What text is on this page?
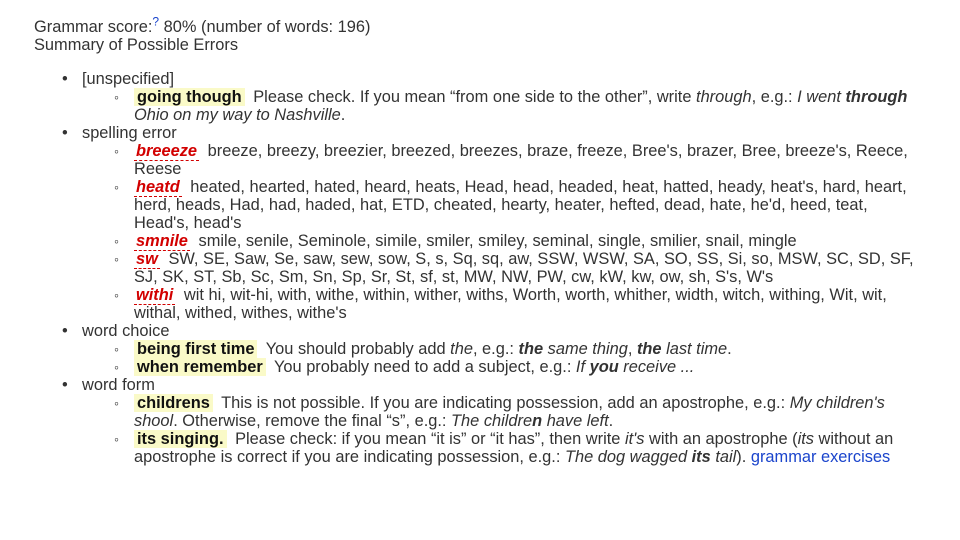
Grammar score:? 80% (number of words: 196)
Summary of Possible Errors
• [unspecified]
◦ going though Please check. If you mean “from one side to the other”, write through, e.g.: I went through Ohio on my way to Nashville.
• spelling error
◦ breeeze breeze, breezy, breezier, breezed, breezes, braze, freeze, Bree's, brazer, Bree, breeze's, Reece, Reese
◦ heatd heated, hearted, hated, heard, heats, Head, head, headed, heat, hatted, heady, heat's, hard, heart, herd, heads, Had, had, haded, hat, ETD, cheated, hearty, heater, hefted, dead, hate, he'd, heed, teat, Head's, head's
◦ smnile smile, senile, Seminole, simile, smiler, smiley, seminal, single, smilier, snail, mingle
◦ sw SW, SE, Saw, Se, saw, sew, sow, S, s, Sq, sq, aw, SSW, WSW, SA, SO, SS, Si, so, MSW, SC, SD, SF, SJ, SK, ST, Sb, Sc, Sm, Sn, Sp, Sr, St, sf, st, MW, NW, PW, cw, kW, kw, ow, sh, S's, W's
◦ withi wit hi, wit-hi, with, withe, within, wither, withs, Worth, worth, whither, width, witch, withing, Wit, wit, withal, withed, withes, withe's
• word choice
◦ being first time You should probably add the, e.g.: the same thing, the last time.
◦ when remember You probably need to add a subject, e.g.: If you receive ...
• word form
◦ childrens This is not possible. If you are indicating possession, add an apostrophe, e.g.: My children's shool. Otherwise, remove the final “s”, e.g.: The children have left.
◦ its singing. Please check: if you mean “it is” or “it has”, then write it's with an apostrophe (its without an apostrophe is correct if you are indicating possession, e.g.: The dog wagged its tail). grammar exercises
